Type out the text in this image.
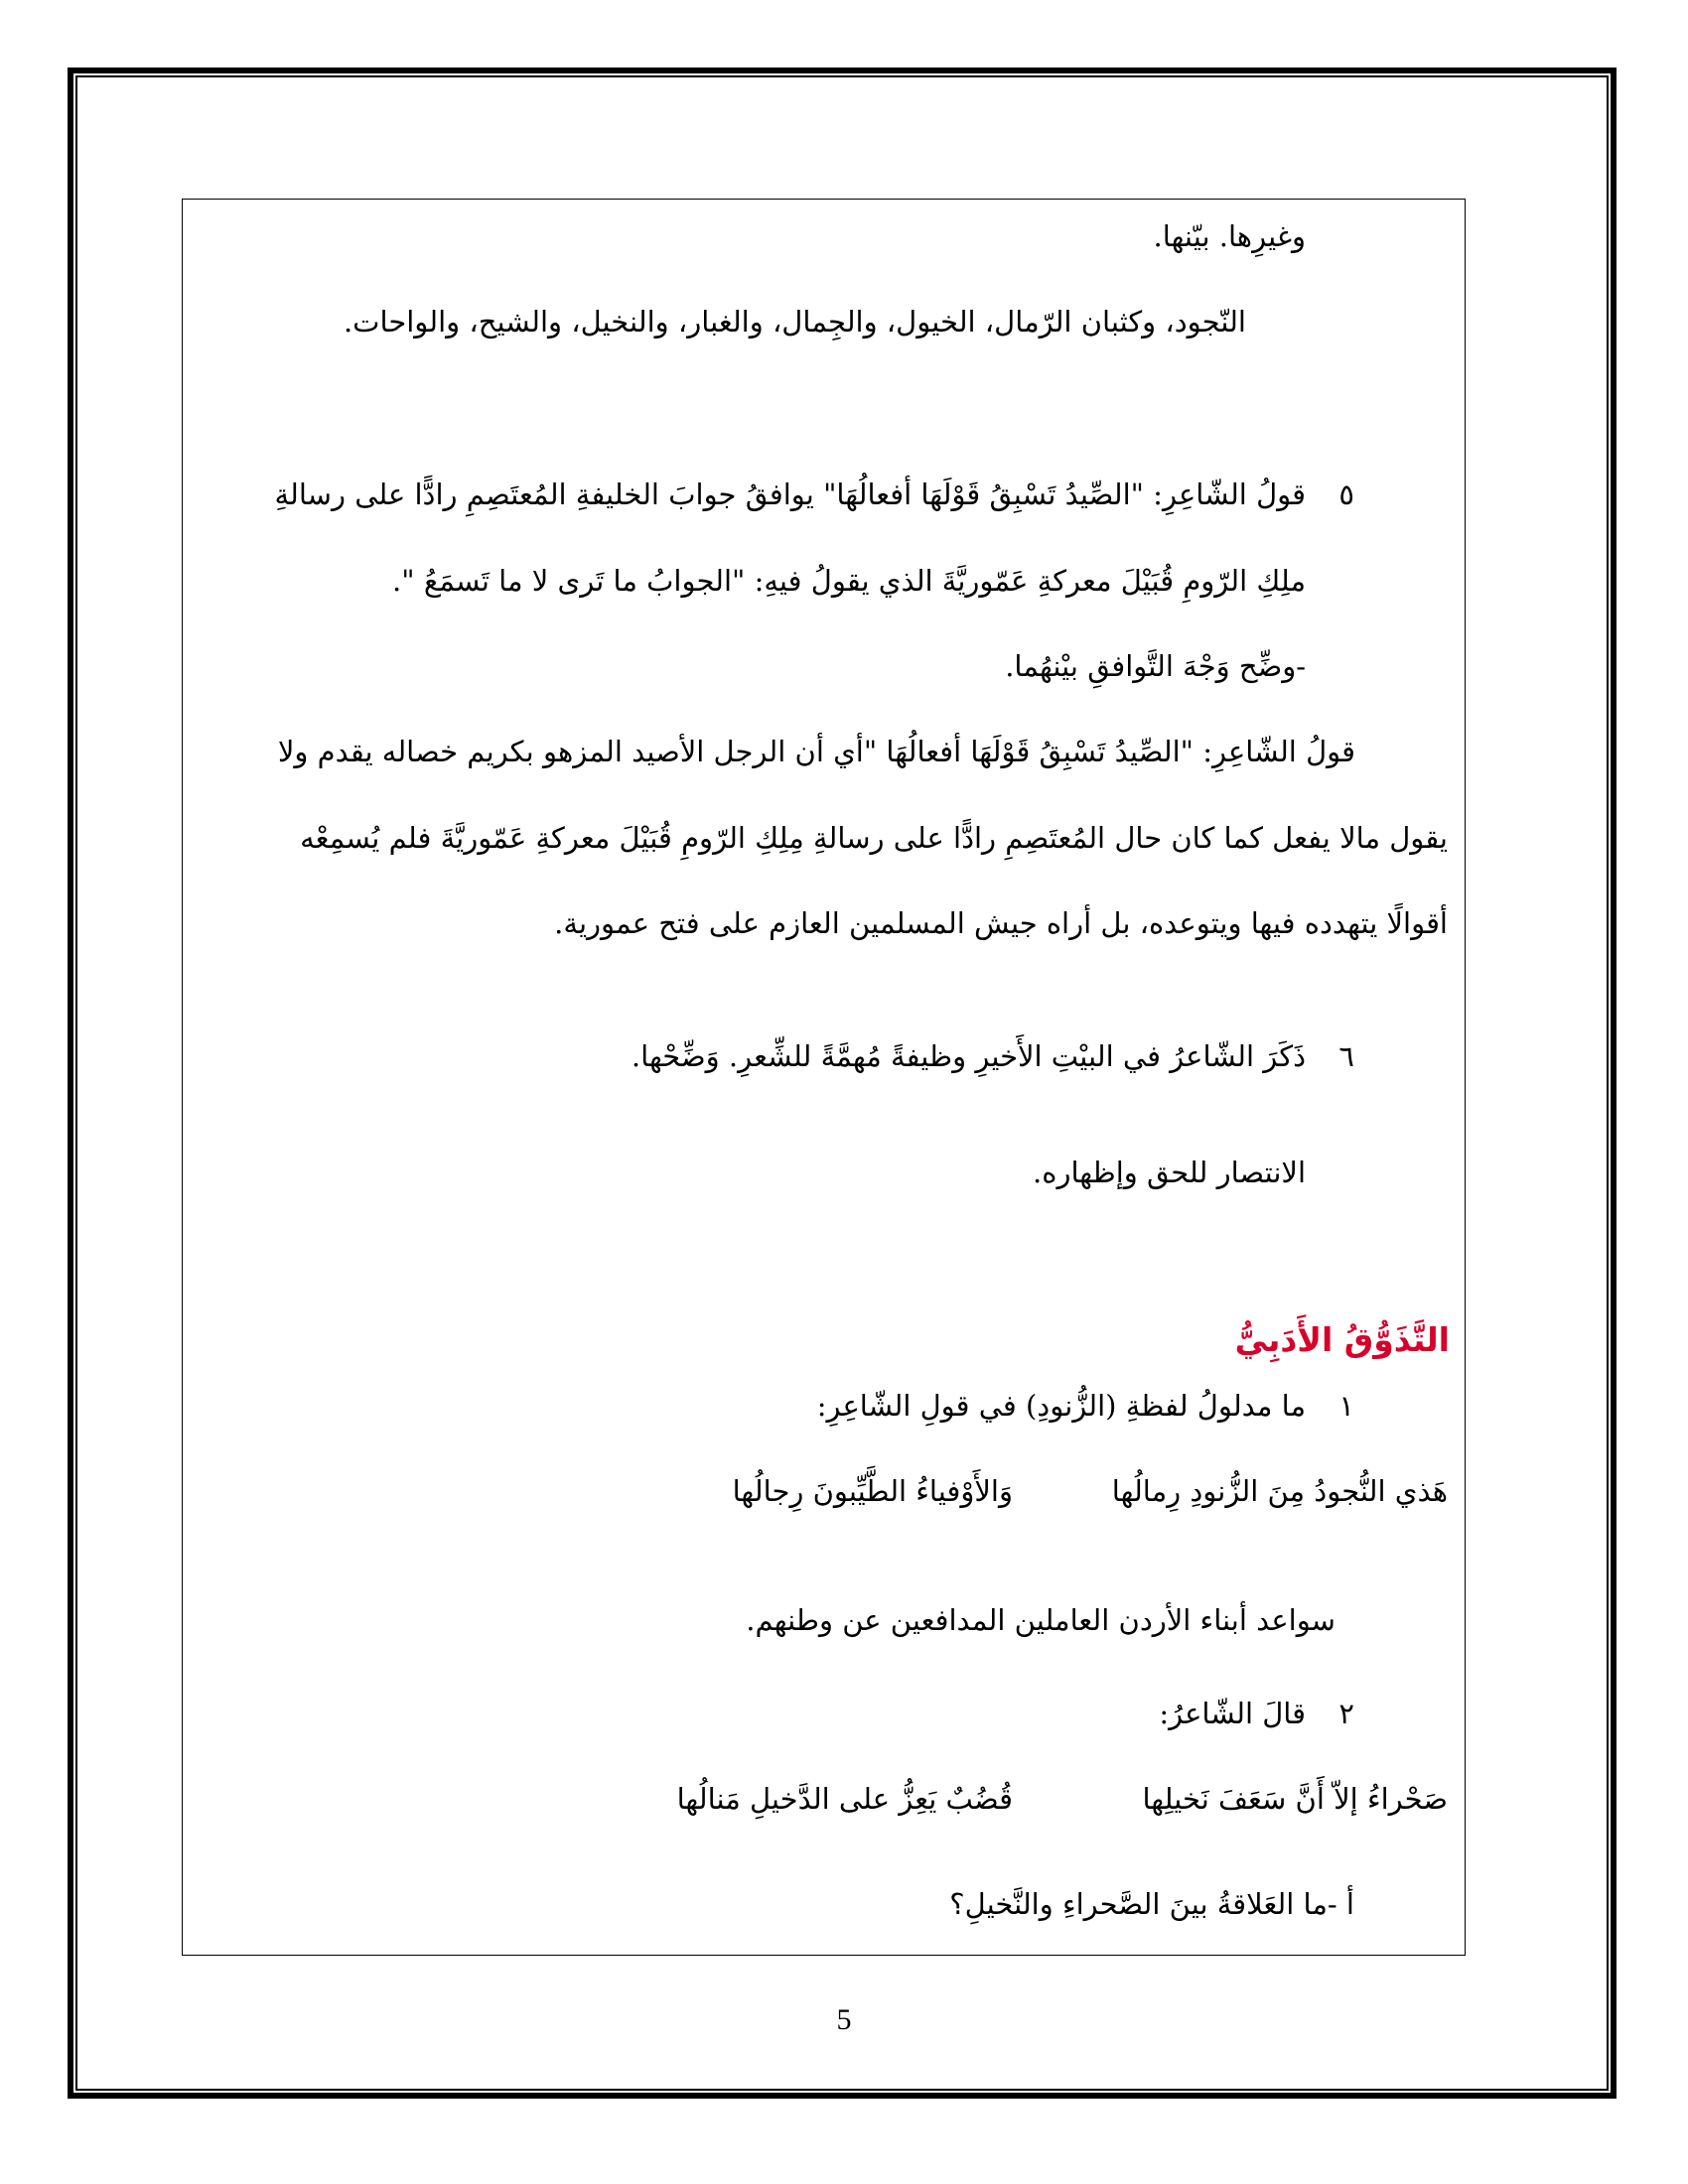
وغيرِها. بيّنها.
النّجود، وكثبان الرّمال، الخيول، والجِمال، والغبار، والنخيل، والشيح، والواحات.
٥
قولُ الشّاعِرِ: "الصِّيدُ تَسْبِقُ قَوْلَهَا أفعالُهَا" يوافقُ جوابَ الخليفةِ المُعتَصِمِ رادًّا على رسالةِ
ملِكِ الرّومِ قُبَيْلَ معركةِ عَمّوريَّةَ الذي يقولُ فيهِ: "الجوابُ ما تَرى لا ما تَسمَعُ ".
-وضِّح وَجْهَ التَّوافقِ بيْنهُما.
قولُ الشّاعِرِ: "الصِّيدُ تَسْبِقُ قَوْلَهَا أفعالُهَا "أي أن الرجل الأصيد المزهو بكريم خصاله يقدم ولا
يقول مالا يفعل كما كان حال المُعتَصِمِ رادًّا على رسالةِ مِلِكِ الرّومِ قُبَيْلَ معركةِ عَمّوريَّةَ فلم يُسمِعْه
أقوالًا يتهدده فيها ويتوعده، بل أراه جيش المسلمين العازم على فتح عمورية.
٦
ذَكَرَ الشّاعرُ في البيْتِ الأَخيرِ وظيفةً مُهمَّةً للشِّعرِ. وَضِّحْها.
الانتصار للحق وإظهاره.
التَّذَوُّقُ الأَدَبِيُّ
١
ما مدلولُ لفظةِ (الزُّنودِ) في قولِ الشّاعِرِ:
هَذي النُّجودُ مِنَ الزُّنودِ رِمالُها
وَالأَوْفياءُ الطَّيِّبونَ رِجالُها
سواعد أبناء الأردن العاملين المدافعين عن وطنهم.
٢
قالَ الشّاعرُ:
صَحْراءُ إلاّ أَنَّ سَعَفَ نَخيلِها
قُضُبٌ يَعِزُّ على الدَّخيلِ مَنالُها
أ -ما العَلاقةُ بينَ الصَّحراءِ والنَّخيلِ؟
5
